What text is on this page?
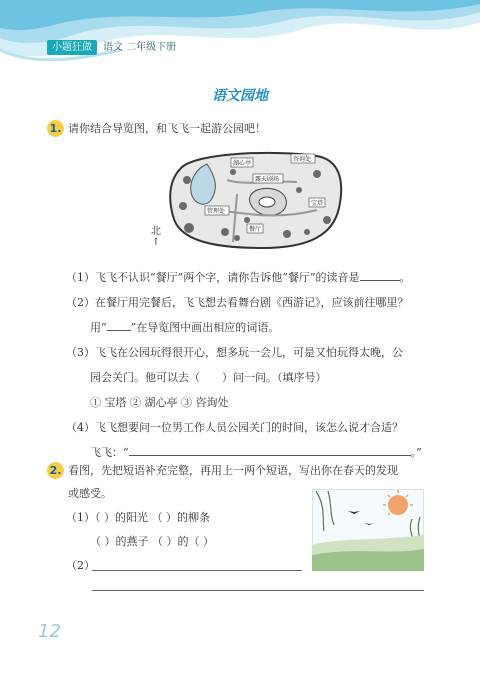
小题狂做	语文 二年级下册
语文园地
1. 请你结合导览图，和飞飞一起游公园吧！
湖心亭
咨询处
露天剧场
宝塔
管理处
餐厅
北
↑
（1）飞飞不认识“餐厅”两个字，请你告诉他“餐厅”的读音是	。
（2）在餐厅用完餐后，飞飞想去看舞台剧《西游记》，应该前往哪里？
用“ ”在导览图中画出相应的词语。
（3）飞飞在公园玩得很开心，想多玩一会儿，可是又怕玩得太晚，公
园会关门。他可以去（　　）问一问。（填序号）
① 宝塔 ② 湖心亭 ③ 咨询处
（4）飞飞想要问一位男工作人员公园关门的时间，该怎么说才合适？
飞飞：“	。”
2. 看图，先把短语补充完整，再用上一两个短语，写出你在春天的发现
或感受。
（1）（ ）的阳光 （ ）的柳条
（ ）的燕子 （ ）的（ ）
（2）
12
